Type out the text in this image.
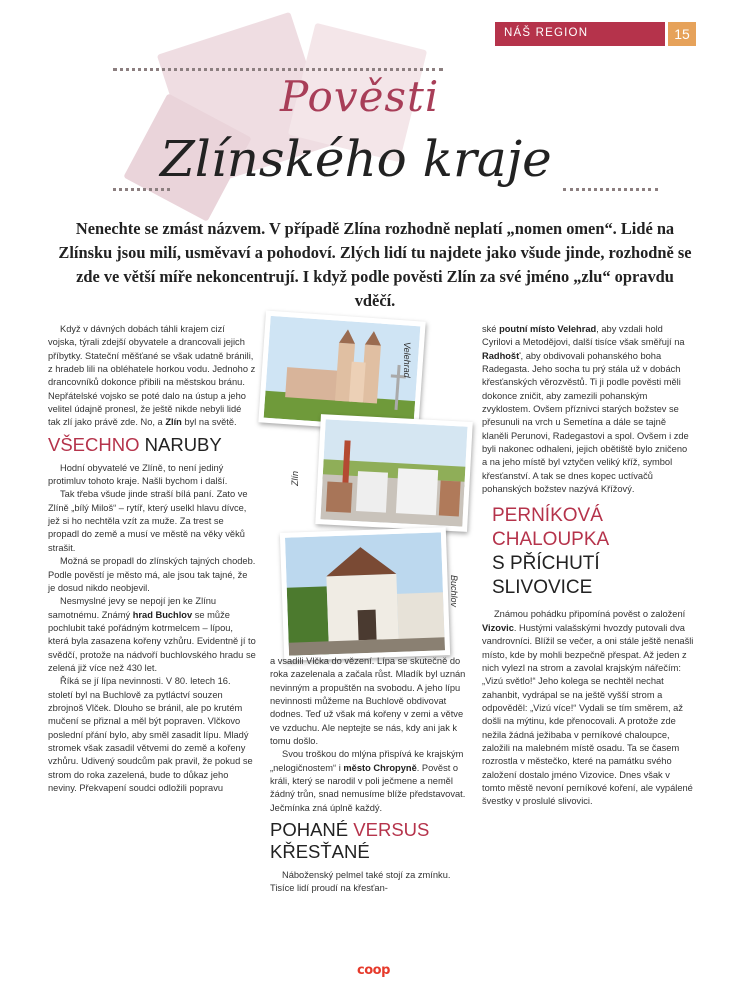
NÁŠ REGION	15
Pověsti
Zlínského kraje
Nenechte se zmást názvem. V případě Zlína rozhodně neplatí „nomen omen“. Lidé na Zlínsku jsou milí, usměvaví a pohodoví. Zlých lidí tu najdete jako všude jinde, rozhodně se zde ve větší míře nekoncentrují. I když podle pověsti Zlín za své jméno „zlu“ opravdu vděčí.

Když v dávných dobách táhli krajem cizí vojska, týrali zdejší obyvatele a drancovali jejich příbytky. Stateční měšťané se však udatně bránili, z hradeb lili na obléhatele horkou vodu. Jednoho z drancovníků dokonce přibili na městskou bránu. Nepřátelské vojsko se poté dalo na ústup a jeho velitel údajně pronesl, že ještě nikde nebyli lidé tak zlí jako právě zde. No, a Zlín byl na světě.

VŠECHNO NARUBY

Hodní obyvatelé ve Zlíně, to není jediný protimluv tohoto kraje. Našli bychom i další.

Tak třeba všude jinde straší bílá paní. Zato ve Zlíně „bílý Miloš“ – rytíř, který uselkl hlavu dívce, jež si ho nechtěla vzít za muže. Za trest se propadl do země a musí ve městě na věky věků strašit.

Možná se propadl do zlínských tajných chodeb. Podle pověstí je město má, ale jsou tak tajné, že je dosud nikdo neobjevil.

Nesmyslné jevy se nepojí jen ke Zlínu samotnému. Známý hrad Buchlov se může pochlubit také pořádným kotrmelcem – lípou, která byla zasazena kořeny vzhůru. Evidentně jí to svědčí, protože na nádvoří buchlovského hradu se zelená již více než 430 let.

Říká se jí lípa nevinnosti. V 80. letech 16. století byl na Buchlově za pytláctví souzen zbrojnoš Vlček. Dlouho se bránil, ale po krutém mučení se přiznal a měl být popraven. Vlčkovo poslední přání bylo, aby směl zasadit lípu. Mladý stromek však zasadil větvemi do země a kořeny vzhůru. Udivený soudcům pak pravil, že pokud se strom do roka zazelená, bude to důkaz jeho neviny. Překvapení soudci odložili popravu

Velehrad
Zlín
Buchlov

a vsadili Vlčka do vězení. Lípa se skutečně do roka zazelenala a začala růst. Mladík byl uznán nevinným a propuštěn na svobodu. A jeho lípu nevinnosti můžeme na Buchlově obdivovat dodnes. Teď už však má kořeny v zemi a větve ve vzduchu. Ale neptejte se nás, kdy ani jak k tomu došlo.

Svou troškou do mlýna přispívá ke krajským „nelogičnostem“ i město Chropyně. Pověst o králi, který se narodil v poli ječmene a neměl žádný trůn, snad nemusíme blíže představovat. Ječmínka zná úplně každý.

POHANÉ VERSUS
KŘESŤANÉ

Náboženský pelmel také stojí za zmínku. Tisíce lidí proudí na křesťan-

ské poutní místo Velehrad, aby vzdali hold Cyrilovi a Metodějovi, další tisíce však směřují na Radhošť, aby obdivovali pohanského boha Radegasta. Jeho socha tu prý stála už v dobách křesťanských věrozvěstů. Ti ji podle pověsti měli dokonce zničit, aby zamezili pohanským zvyklostem. Ovšem příznivci starých božstev se přesunuli na vrch u Semetína a dále se tajně klaněli Perunovi, Radegastovi a spol. Ovšem i zde byli nakonec odhaleni, jejich obětiště bylo zničeno a na jeho místě byl vztyčen veliký kříž, symbol křesťanství. A tak se dnes kopec uctívačů pohanských božstev nazývá Křížový.

PERNÍKOVÁ
CHALOUPKA
S PŘÍCHUTÍ
SLIVOVICE

Známou pohádku připomíná pověst o založení Vizovic. Hustými valašskými hvozdy putovali dva vandrovníci. Blížil se večer, a oni stále ještě nenašli místo, kde by mohli bezpečně přespat. Až jeden z nich vylezl na strom a zavolal krajským nářečím: „Vizú světlo!“ Jeho kolega se nechtěl nechat zahanbit, vydrápal se na ještě vyšší strom a odpověděl: „Vizú více!“ Vydali se tím směrem, až došli na mýtinu, kde přenocovali. A protože zde nežila žádná ježibaba v perníkové chaloupce, založili na malebném místě osadu. Ta se časem rozrostla v městečko, které na památku svého založení dostalo jméno Vizovice. Dnes však v tomto městě nevoní perníkové koření, ale vypálené švestky v proslulé slivovici.

coop
